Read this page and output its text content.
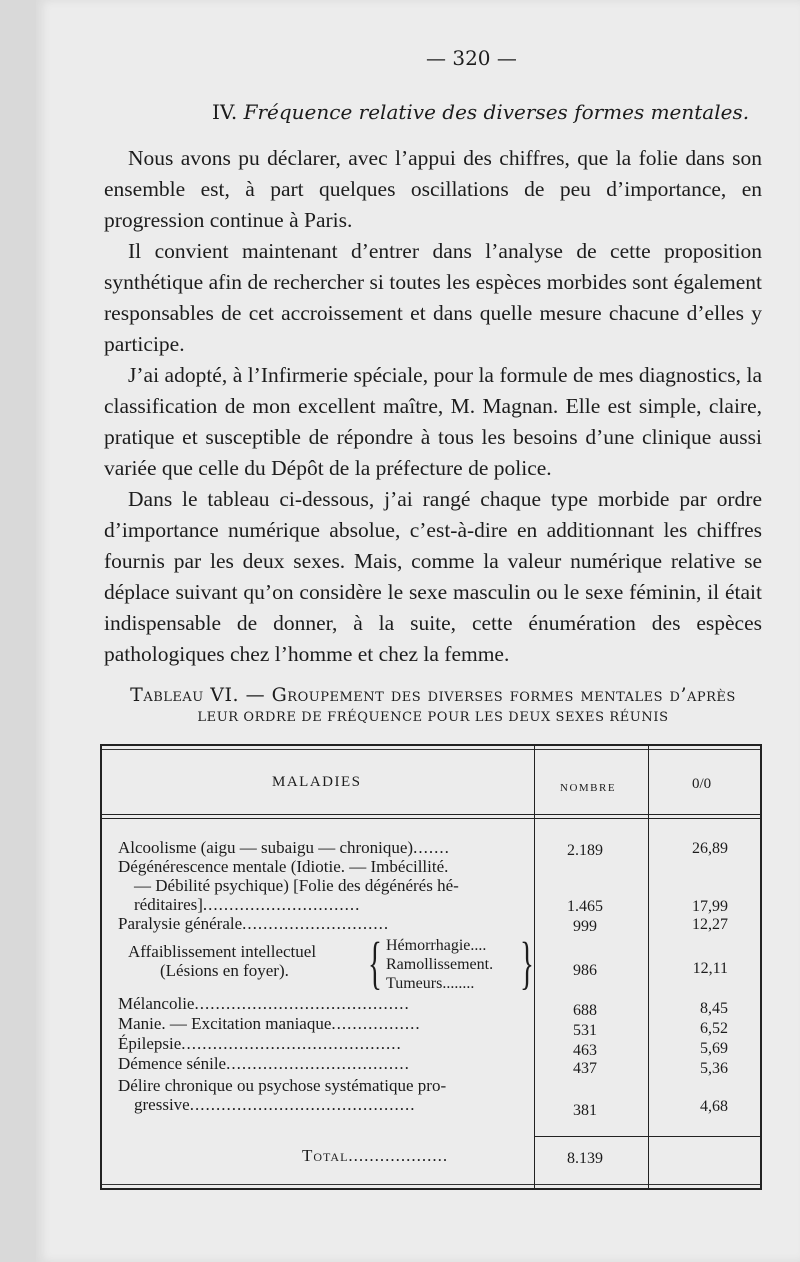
— 320 —
IV. Fréquence relative des diverses formes mentales.

Nous avons pu déclarer, avec l’appui des chiffres, que la folie dans son ensemble est, à part quelques oscillations de peu d’importance, en progression continue à Paris.

Il convient maintenant d’entrer dans l’analyse de cette proposition synthétique afin de rechercher si toutes les espèces morbides sont également responsables de cet accroissement et dans quelle mesure chacune d’elles y participe.

J’ai adopté, à l’Infirmerie spéciale, pour la formule de mes diagnostics, la classification de mon excellent maître, M. Magnan. Elle est simple, claire, pratique et susceptible de répondre à tous les besoins d’une clinique aussi variée que celle du Dépôt de la préfecture de police.

Dans le tableau ci-dessous, j’ai rangé chaque type morbide par ordre d’importance numérique absolue, c’est-à-dire en additionnant les chiffres fournis par les deux sexes. Mais, comme la valeur numérique relative se déplace suivant qu’on considère le sexe masculin ou le sexe féminin, il était indispensable de donner, à la suite, cette énumération des espèces pathologiques chez l’homme et chez la femme.

Tableau VI. — Groupement des diverses formes mentales d’après
LEUR ORDRE DE FRÉQUENCE POUR LES DEUX SEXES RÉUNIS
MALADIES	NOMBRE	0/0
Alcoolisme (aigu — subaigu — chronique).......	2.189	26,89
Dégénérescence mentale (Idiotie. — Imbécillité.
— Débilité psychique) [Folie des dégénérés hé-
réditaires]..............................	1.465	17,99
Paralysie générale............................	999	12,27
Affaiblissement intellectuel
(Lésions en foyer).	{ Hémorrhagie....
Ramollissement.
Tumeurs........ }	986	12,11
Mélancolie.........................................	688	8,45
Manie. — Excitation maniaque.................	531	6,52
Épilepsie..........................................	463	5,69
Démence sénile...................................	437	5,36
Délire chronique ou psychose systématique pro-
gressive...........................................	381	4,68
Total...................	8.139
